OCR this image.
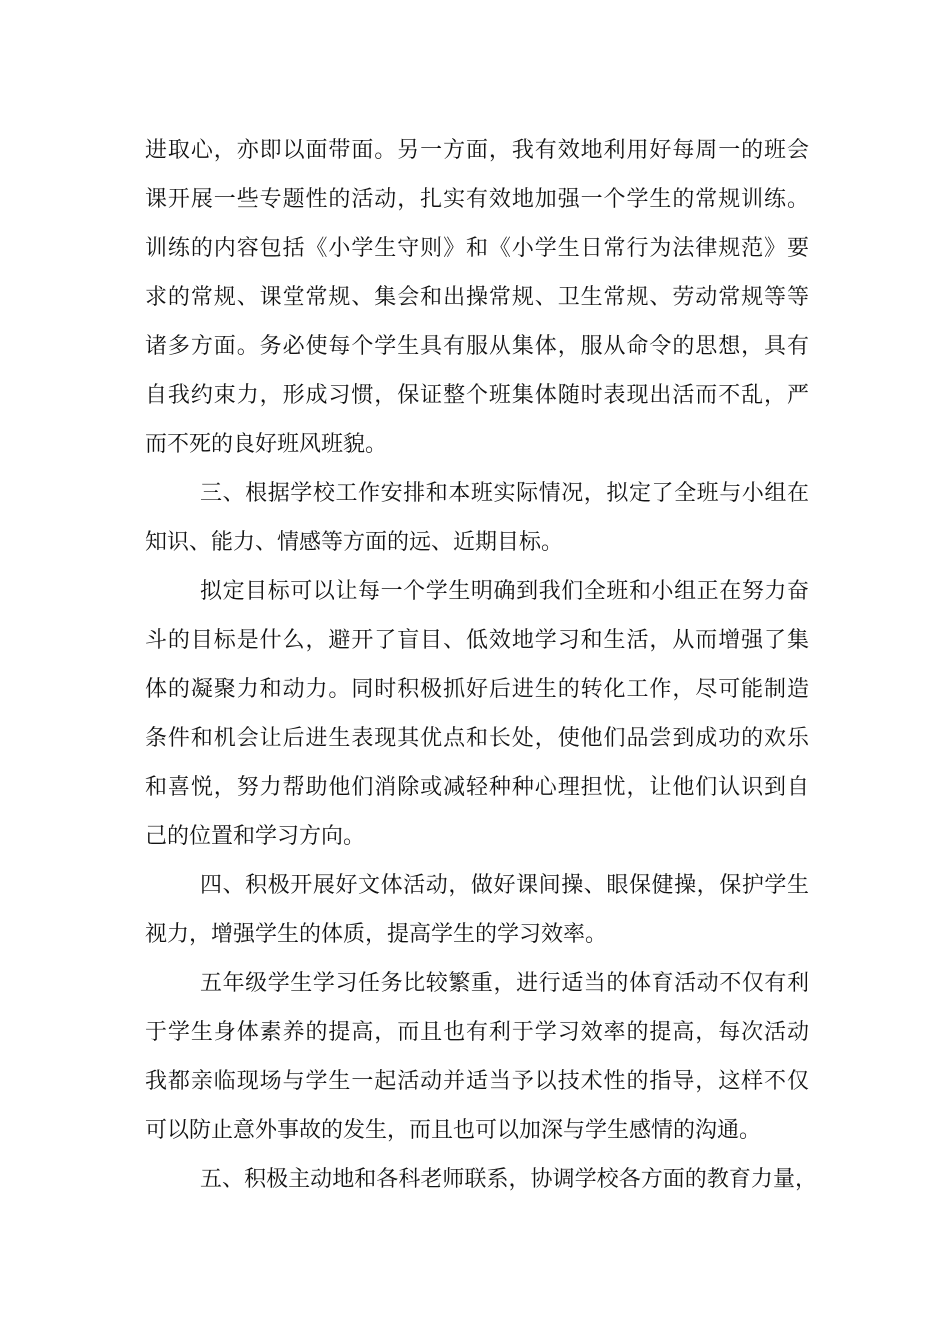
进取心，亦即以面带面。另一方面，我有效地利用好每周一的班会
课开展一些专题性的活动，扎实有效地加强一个学生的常规训练。
训练的内容包括《小学生守则》和《小学生日常行为法律规范》要
求的常规、课堂常规、集会和出操常规、卫生常规、劳动常规等等
诸多方面。务必使每个学生具有服从集体，服从命令的思想，具有
自我约束力，形成习惯，保证整个班集体随时表现出活而不乱，严
而不死的良好班风班貌。
三、根据学校工作安排和本班实际情况，拟定了全班与小组在
知识、能力、情感等方面的远、近期目标。
拟定目标可以让每一个学生明确到我们全班和小组正在努力奋
斗的目标是什么，避开了盲目、低效地学习和生活，从而增强了集
体的凝聚力和动力。同时积极抓好后进生的转化工作，尽可能制造
条件和机会让后进生表现其优点和长处，使他们品尝到成功的欢乐
和喜悦，努力帮助他们消除或减轻种种心理担忧，让他们认识到自
己的位置和学习方向。
四、积极开展好文体活动，做好课间操、眼保健操，保护学生
视力，增强学生的体质，提高学生的学习效率。
五年级学生学习任务比较繁重，进行适当的体育活动不仅有利
于学生身体素养的提高，而且也有利于学习效率的提高，每次活动
我都亲临现场与学生一起活动并适当予以技术性的指导，这样不仅
可以防止意外事故的发生，而且也可以加深与学生感情的沟通。
五、积极主动地和各科老师联系，协调学校各方面的教育力量，
